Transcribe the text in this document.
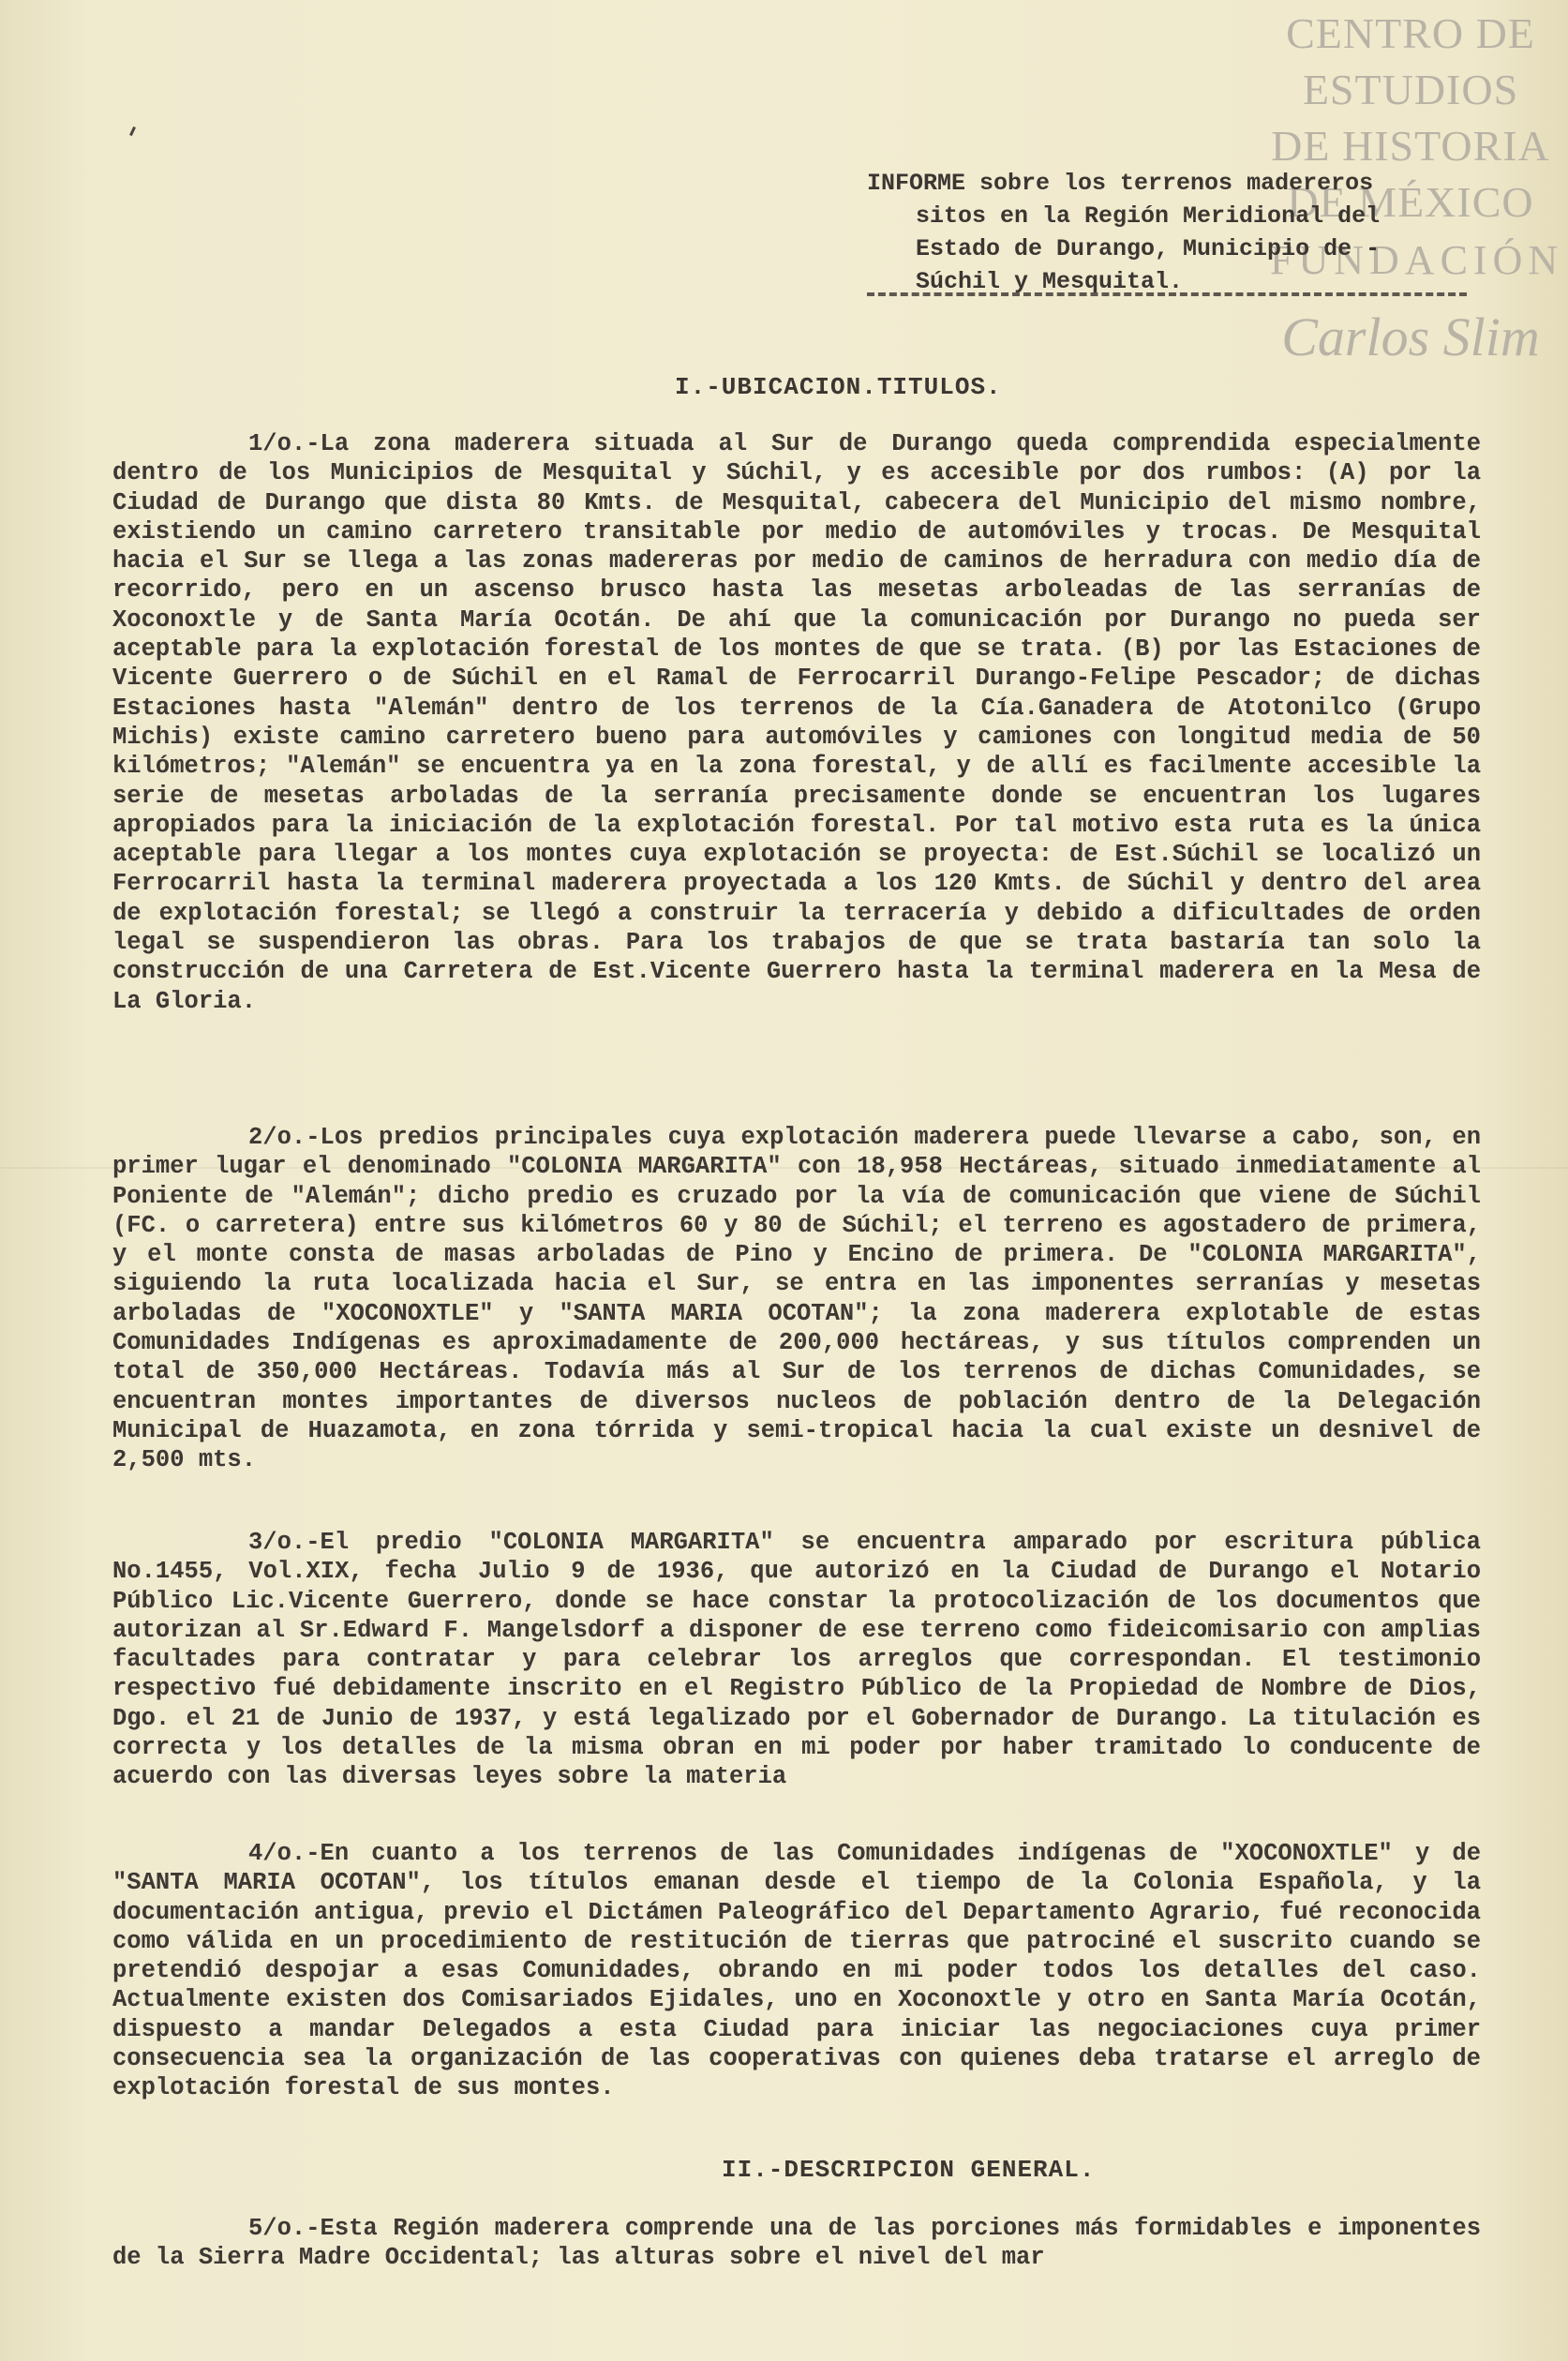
CENTRO DE
ESTUDIOS
DE HISTORIA
DE MÉXICO
FUNDACIÓN
Carlos Slim
INFORME sobre los terrenos madereros
sitos en la Región Meridional del
Estado de Durango, Municipio de -
Súchil y Mesquital.
I.-UBICACION.TITULOS.
1/o.-La zona maderera situada al Sur de Durango queda comprendida especialmente dentro de los Municipios de Mesquital y Súchil, y es accesible por dos rumbos: (A) por la Ciudad de Durango que dista 80 Kmts. de Mesquital, cabecera del Municipio del mismo nombre, existiendo un camino carretero transitable por medio de automóviles y trocas. De Mesquital hacia el Sur se llega a las zonas madereras por medio de caminos de herradura con medio día de recorrido, pero en un ascenso brusco hasta las mesetas arboleadas de las serranías de Xoconoxtle y de Santa María Ocotán. De ahí que la comunicación por Durango no pueda ser aceptable para la explotación forestal de los montes de que se trata. (B) por las Estaciones de Vicente Guerrero o de Súchil en el Ramal de Ferrocarril Durango-Felipe Pescador; de dichas Estaciones hasta "Alemán" dentro de los terrenos de la Cía.Ganadera de Atotonilco (Grupo Michis) existe camino carretero bueno para automóviles y camiones con longitud media de 50 kilómetros; "Alemán" se encuentra ya en la zona forestal, y de allí es facilmente accesible la serie de mesetas arboladas de la serranía precisamente donde se encuentran los lugares apropiados para la iniciación de la explotación forestal. Por tal motivo esta ruta es la única aceptable para llegar a los montes cuya explotación se proyecta: de Est.Súchil se localizó un Ferrocarril hasta la terminal maderera proyectada a los 120 Kmts. de Súchil y dentro del area de explotación forestal; se llegó a construir la terracería y debido a dificultades de orden legal se suspendieron las obras. Para los trabajos de que se trata bastaría tan solo la construcción de una Carretera de Est.Vicente Guerrero hasta la terminal maderera en la Mesa de La Gloria.
2/o.-Los predios principales cuya explotación maderera puede llevarse a cabo, son, en primer lugar el denominado "COLONIA MARGARITA" con 18,958 Hectáreas, situado inmediatamente al Poniente de "Alemán"; dicho predio es cruzado por la vía de comunicación que viene de Súchil (FC. o carretera) entre sus kilómetros 60 y 80 de Súchil; el terreno es agostadero de primera, y el monte consta de masas arboladas de Pino y Encino de primera. De "COLONIA MARGARITA", siguiendo la ruta localizada hacia el Sur, se entra en las imponentes serranías y mesetas arboladas de "XOCONOXTLE" y "SANTA MARIA OCOTAN"; la zona maderera explotable de estas Comunidades Indígenas es aproximadamente de 200,000 hectáreas, y sus títulos comprenden un total de 350,000 Hectáreas. Todavía más al Sur de los terrenos de dichas Comunidades, se encuentran montes importantes de diversos nucleos de población dentro de la Delegación Municipal de Huazamota, en zona tórrida y semi-tropical hacia la cual existe un desnivel de 2,500 mts.
3/o.-El predio "COLONIA MARGARITA" se encuentra amparado por escritura pública No.1455, Vol.XIX, fecha Julio 9 de 1936, que autorizó en la Ciudad de Durango el Notario Público Lic.Vicente Guerrero, donde se hace constar la protocolización de los documentos que autorizan al Sr.Edward F. Mangelsdorf a disponer de ese terreno como fideicomisario con amplias facultades para contratar y para celebrar los arreglos que correspondan. El testimonio respectivo fué debidamente inscrito en el Registro Público de la Propiedad de Nombre de Dios, Dgo. el 21 de Junio de 1937, y está legalizado por el Gobernador de Durango. La titulación es correcta y los detalles de la misma obran en mi poder por haber tramitado lo conducente de acuerdo con las diversas leyes sobre la materia
4/o.-En cuanto a los terrenos de las Comunidades indígenas de "XOCONOXTLE" y de "SANTA MARIA OCOTAN", los títulos emanan desde el tiempo de la Colonia Española, y la documentación antigua, previo el Dictámen Paleográfico del Departamento Agrario, fué reconocida como válida en un procedimiento de restitución de tierras que patrociné el suscrito cuando se pretendió despojar a esas Comunidades, obrando en mi poder todos los detalles del caso. Actualmente existen dos Comisariados Ejidales, uno en Xoconoxtle y otro en Santa María Ocotán, dispuesto a mandar Delegados a esta Ciudad para iniciar las negociaciones cuya primer consecuencia sea la organización de las cooperativas con quienes deba tratarse el arreglo de explotación forestal de sus montes.
II.-DESCRIPCION GENERAL.
5/o.-Esta Región maderera comprende una de las porciones más formidables e imponentes de la Sierra Madre Occidental; las alturas sobre el nivel del mar
